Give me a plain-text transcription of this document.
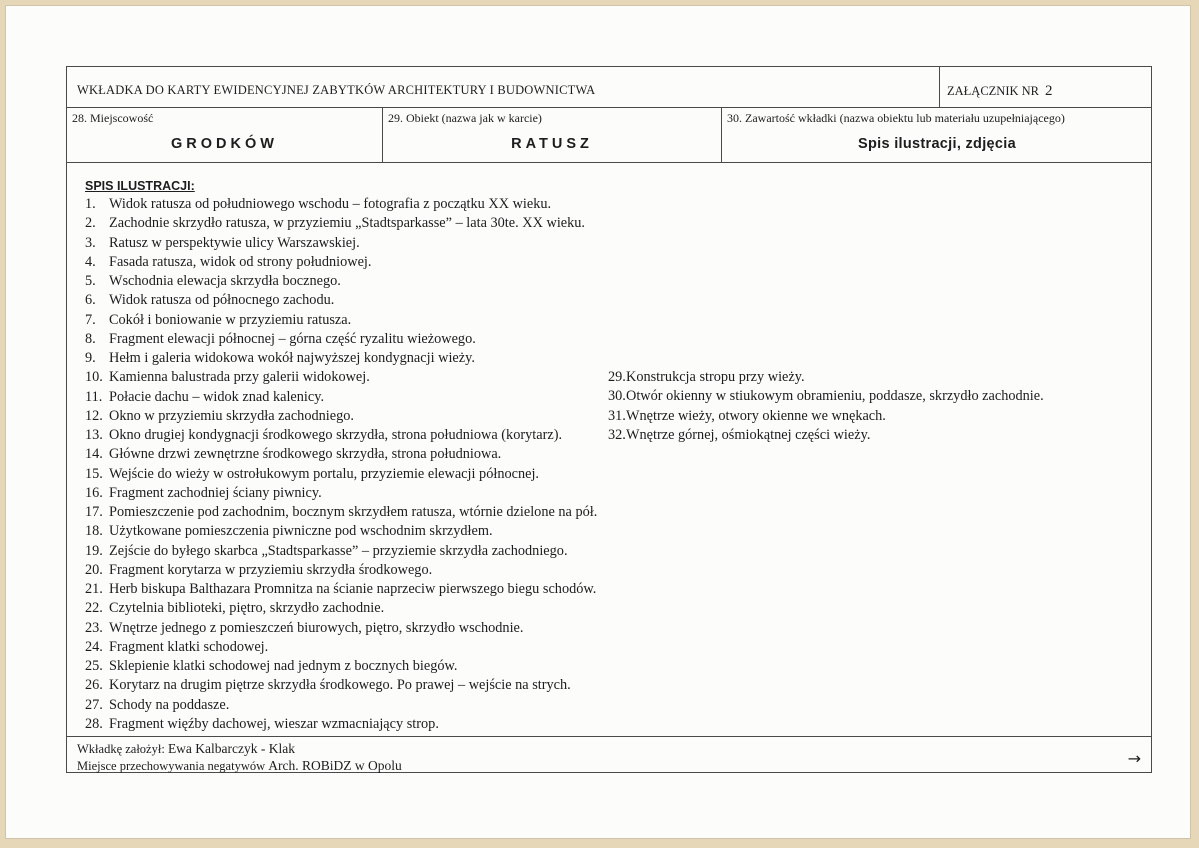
WKŁADKA DO KARTY EWIDENCYJNEJ ZABYTKÓW ARCHITEKTURY I BUDOWNICTWA	ZAŁĄCZNIK NR 2
28. Miejscowość
GRODKÓW
29. Obiekt (nazwa jak w karcie)
RATUSZ
30. Zawartość wkładki (nazwa obiektu lub materiału uzupełniającego)
Spis ilustracji, zdjęcia
SPIS ILUSTRACJI:
1. Widok ratusza od południowego wschodu – fotografia z początku XX wieku.
2. Zachodnie skrzydło ratusza, w przyziemiu „Stadtsparkasse” – lata 30te. XX wieku.
3. Ratusz w perspektywie ulicy Warszawskiej.
4. Fasada ratusza, widok od strony południowej.
5. Wschodnia elewacja skrzydła bocznego.
6. Widok ratusza od północnego zachodu.
7. Cokół i boniowanie w przyziemiu ratusza.
8. Fragment elewacji północnej – górna część ryzalitu wieżowego.
9. Hełm i galeria widokowa wokół najwyższej kondygnacji wieży.
10. Kamienna balustrada przy galerii widokowej.
11. Połacie dachu – widok znad kalenicy.
12. Okno w przyziemiu skrzydła zachodniego.
13. Okno drugiej kondygnacji środkowego skrzydła, strona południowa (korytarz).
14. Główne drzwi zewnętrzne środkowego skrzydła, strona południowa.
15. Wejście do wieży w ostrołukowym portalu, przyziemie elewacji północnej.
16. Fragment zachodniej ściany piwnicy.
17. Pomieszczenie pod zachodnim, bocznym skrzydłem ratusza, wtórnie dzielone na pół.
18. Użytkowane pomieszczenia piwniczne pod wschodnim skrzydłem.
19. Zejście do byłego skarbca „Stadtsparkasse” – przyziemie skrzydła zachodniego.
20. Fragment korytarza w przyziemiu skrzydła środkowego.
21. Herb biskupa Balthazara Promnitza na ścianie naprzeciw pierwszego biegu schodów.
22. Czytelnia biblioteki, piętro, skrzydło zachodnie.
23. Wnętrze jednego z pomieszczeń biurowych, piętro, skrzydło wschodnie.
24. Fragment klatki schodowej.
25. Sklepienie klatki schodowej nad jednym z bocznych biegów.
26. Korytarz na drugim piętrze skrzydła środkowego. Po prawej – wejście na strych.
27. Schody na poddasze.
28. Fragment więźby dachowej, wieszar wzmacniający strop.
29.Konstrukcja stropu przy wieży.
30.Otwór okienny w stiukowym obramieniu, poddasze, skrzydło zachodnie.
31.Wnętrze wieży, otwory okienne we wnękach.
32.Wnętrze górnej, ośmiokątnej części wieży.
Wkładkę założył: Ewa Kalbarczyk - Klak
Miejsce przechowywania negatywów Arch. ROBiDZ w Opolu	→
